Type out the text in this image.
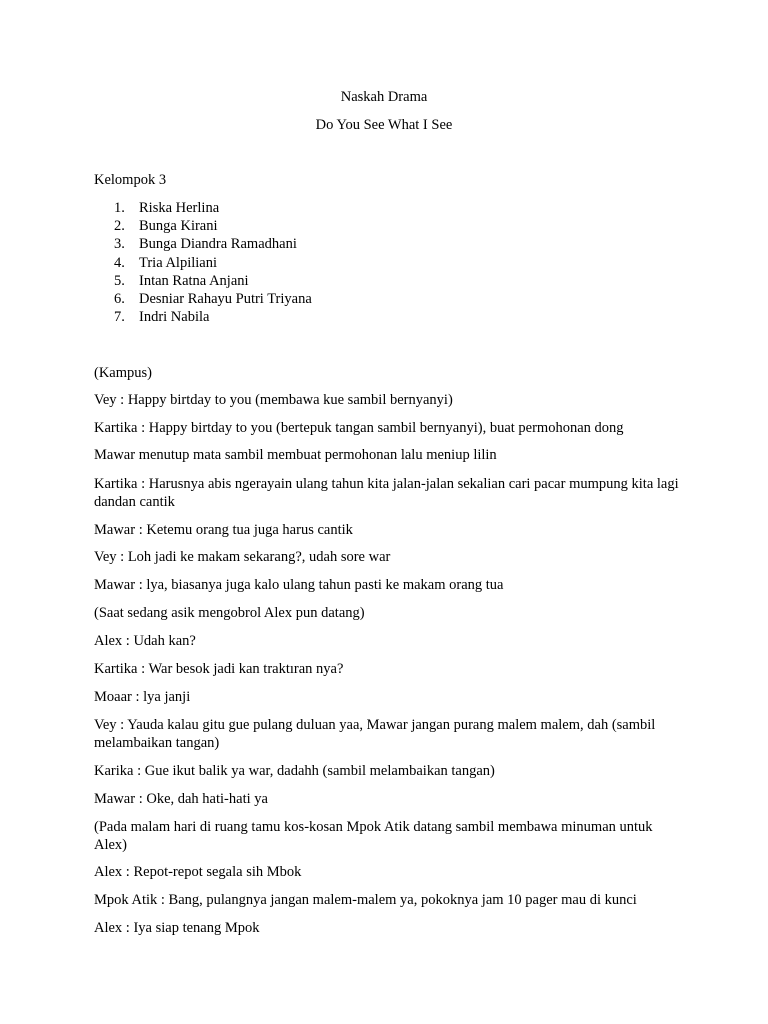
Naskah Drama
Do You See What I See
Kelompok 3
1. Riska Herlina
2. Bunga Kirani
3. Bunga Diandra Ramadhani
4. Tria Alpiliani
5. Intan Ratna Anjani
6. Desniar Rahayu Putri Triyana
7. Indri Nabila
(Kampus)
Vey : Happy birtday to you (membawa kue sambil bernyanyi)
Kartika : Happy birtday to you (bertepuk tangan sambil bernyanyi), buat permohonan dong
Mawar menutup mata sambil membuat permohonan lalu meniup lilin
Kartika : Harusnya abis ngerayain ulang tahun kita jalan-jalan sekalian cari pacar mumpung kita lagi dandan cantik
Mawar : Ketemu orang tua juga harus cantik
Vey : Loh jadi ke makam sekarang?, udah sore war
Mawar : lya, biasanya juga kalo ulang tahun pasti ke makam orang tua
(Saat sedang asik mengobrol Alex pun datang)
Alex : Udah kan?
Kartika : War besok jadi kan traktıran nya?
Moaar : lya janji
Vey : Yauda kalau gitu gue pulang duluan yaa, Mawar jangan purang malem malem, dah (sambil melambaikan tangan)
Karika : Gue ikut balik ya war, dadahh (sambil melambaikan tangan)
Mawar : Oke, dah hati-hati ya
(Pada malam hari di ruang tamu kos-kosan Mpok Atik datang sambil membawa minuman untuk Alex)
Alex : Repot-repot segala sih Mbok
Mpok Atik : Bang, pulangnya jangan malem-malem ya, pokoknya jam 10 pager mau di kunci
Alex : Iya siap tenang Mpok
